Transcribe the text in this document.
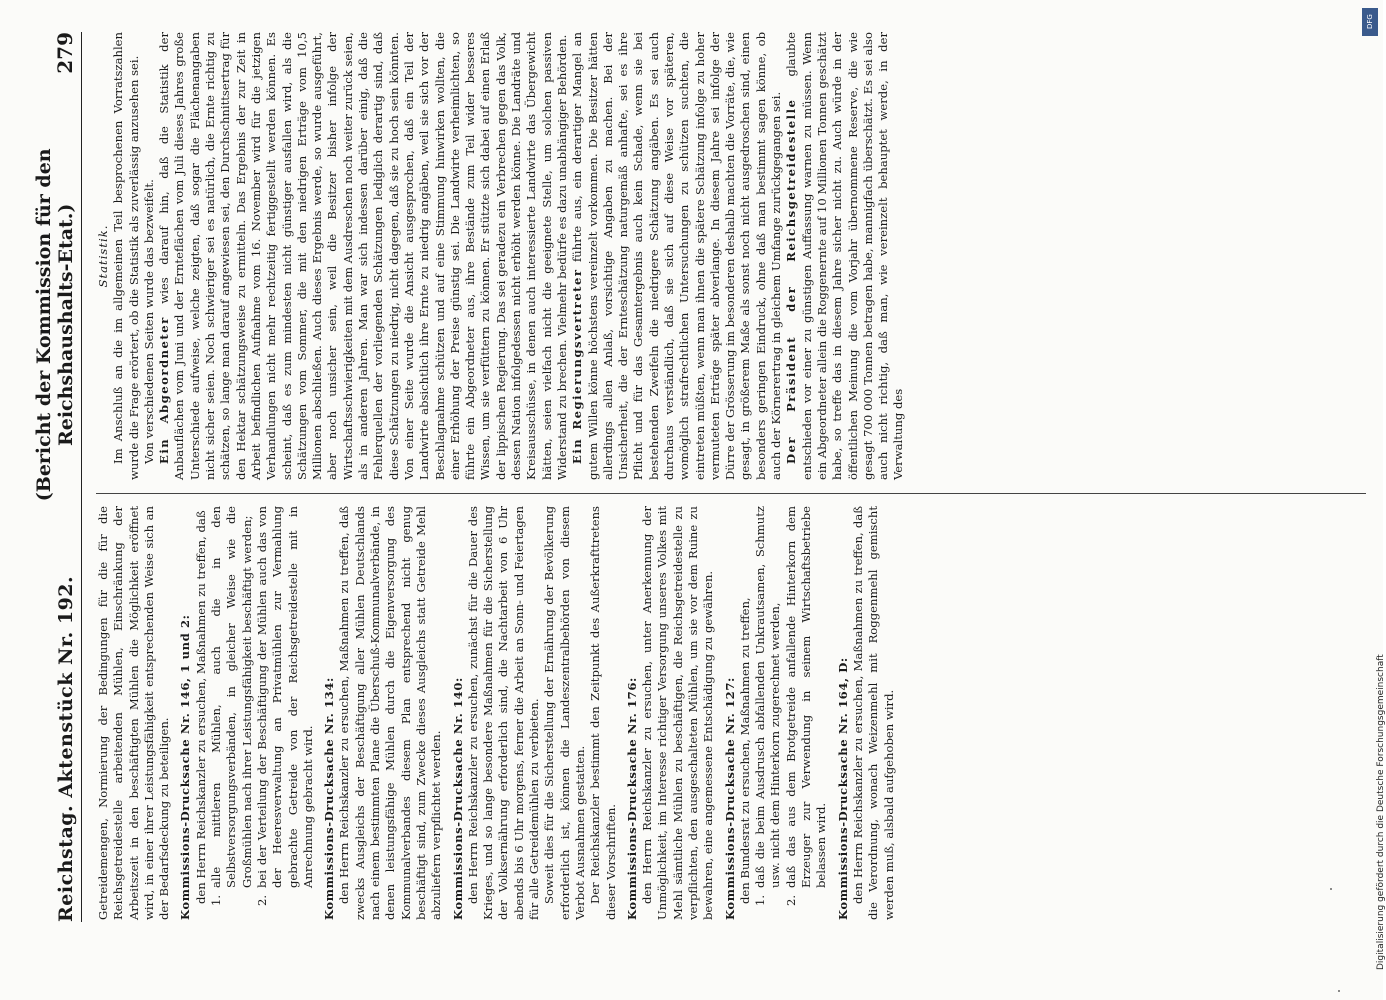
Reichstag. Aktenstück Nr. 192.
(Bericht der Kommission für den Reichshaushalts-Etat.)
279

Getreidemengen, Normierung der Bedingungen für die für die Reichsgetreidestelle arbeitenden Mühlen, Einschränkung der Arbeitszeit in den beschäftigten Mühlen die Möglichkeit eröffnet wird, in einer ihrer Leistungsfähigkeit entsprechenden Weise sich an der Bedarfsdeckung zu beteiligen. Kommissions-Drucksache Nr. 146, 1 und 2: den Herrn Reichskanzler zu ersuchen, Maßnahmen zu treffen, daß 1.
alle mittleren Mühlen, auch die in den Selbstversorgungsverbänden, in gleicher Weise wie die Großmühlen nach ihrer Leistungsfähigkeit beschäftigt werden;
2.
bei der Verteilung der Beschäftigung der Mühlen auch das von der Heeresverwaltung an Privatmühlen zur Vermahlung gebrachte Getreide von der Reichsgetreidestelle mit in Anrechnung gebracht wird. Kommissions-Drucksache Nr. 134: den Herrn Reichskanzler zu ersuchen, Maßnahmen zu treffen, daß zwecks Ausgleichs der Beschäftigung aller Mühlen Deutschlands nach einem bestimmten Plane die Überschuß-Kommunalverbände, in denen leistungsfähige Mühlen durch die Eigenversorgung des Kommunalverbandes diesem Plan entsprechend nicht genug beschäftigt sind, zum Zwecke dieses Ausgleichs statt Getreide Mehl abzuliefern verpflichtet werden. Kommissions-Drucksache Nr. 140: den Herrn Reichskanzler zu ersuchen, zunächst für die Dauer des Krieges, und so lange besondere Maßnahmen für die Sicherstellung der Volksernährung erforderlich sind, die Nachtarbeit von 6 Uhr abends bis 6 Uhr morgens, ferner die Arbeit an Sonn- und Feiertagen für alle Getreidemühlen zu verbieten. Soweit dies für die Sicherstellung der Ernährung der Bevölkerung erforderlich ist, können die Landeszentralbehörden von diesem Verbot Ausnahmen gestatten. Der Reichskanzler bestimmt den Zeitpunkt des Außerkrafttretens dieser Vorschriften. Kommissions-Drucksache Nr. 176: den Herrn Reichskanzler zu ersuchen, unter Anerkennung der Unmöglichkeit, im Interesse richtiger Versorgung unseres Volkes mit Mehl sämtliche Mühlen zu beschäftigen, die Reichsgetreidestelle zu verpflichten, den ausgeschalteten Mühlen, um sie vor dem Ruine zu bewahren, eine angemessene Entschädigung zu gewähren. Kommissions-Drucksache Nr. 127: den Bundesrat zu ersuchen, Maßnahmen zu treffen, 1.
daß die beim Ausdrusch abfallenden Unkrautsamen, Schmutz usw. nicht dem Hinterkorn zugerechnet werden,
2.
daß das aus dem Brotgetreide anfallende Hinterkorn dem Erzeuger zur Verwendung in seinem Wirtschaftsbetriebe belassen wird. Kommissions-Drucksache Nr. 164, D: den Herrn Reichskanzler zu ersuchen, Maßnahmen zu treffen, daß die Verordnung, wonach Weizenmehl mit Roggenmehl gemischt werden muß, alsbald aufgehoben wird.

Statistik. Im Anschluß an die im allgemeinen Teil besprochenen Vorratszahlen wurde die Frage erörtert, ob die Statistik als zuverlässig anzusehen sei. Von verschiedenen Seiten wurde das bezweifelt. Ein Abgeordneter wies darauf hin, daß die Statistik der Anbauflächen vom Juni und der Ernteflächen vom Juli dieses Jahres große Unterschiede aufweise, welche zeigten, daß sogar die Flächenangaben nicht sicher seien. Noch schwieriger sei es natürlich, die Ernte richtig zu schätzen, so lange man darauf angewiesen sei, den Durchschnittsertrag für den Hektar schätzungsweise zu ermitteln. Das Ergebnis der zur Zeit in Arbeit befindlichen Aufnahme vom 16. November wird für die jetzigen Verhandlungen nicht mehr rechtzeitig fertiggestellt werden können. Es scheint, daß es zum mindesten nicht günstiger ausfallen wird, als die Schätzungen vom Sommer, die mit den niedrigen Erträge vom 10,5 Millionen abschließen. Auch dieses Ergebnis werde, so wurde ausgeführt, aber noch unsicher sein, weil die Besitzer bisher infolge der Wirtschaftsschwierigkeiten mit dem Ausdreschen noch weiter zurück seien, als in anderen Jahren. Man war sich indessen darüber einig, daß die Fehlerquellen der vorliegenden Schätzungen lediglich derartig sind, daß diese Schätzungen zu niedrig, nicht dagegen, daß sie zu hoch sein könnten. Von einer Seite wurde die Ansicht ausgesprochen, daß ein Teil der Landwirte absichtlich ihre Ernte zu niedrig angäben, weil sie sich vor der Beschlagnahme schützen und auf eine Stimmung hinwirken wollten, die einer Erhöhung der Preise günstig sei. Die Landwirte verheimlichten, so führte ein Abgeordneter aus, ihre Bestände zum Teil wider besseres Wissen, um sie verfüttern zu können. Er stützte sich dabei auf einen Erlaß der lippischen Regierung. Das sei geradezu ein Verbrechen gegen das Volk, dessen Nation infolgedessen nicht erhöht werden könne. Die Landräte und Kreisausschüsse, in denen auch interessierte Landwirte das Übergewicht hätten, seien vielfach nicht die geeignete Stelle, um solchen passiven Widerstand zu brechen. Vielmehr bedürfe es dazu unabhängiger Behörden. Ein Regierungsvertreter führte aus, ein derartiger Mangel an gutem Willen könne höchstens vereinzelt vorkommen. Die Besitzer hätten allerdings allen Anlaß, vorsichtige Angaben zu machen. Bei der Unsicherheit, die der Ernteschätzung naturgemäß anhafte, sei es ihre Pflicht und für das Gesamtergebnis auch kein Schade, wenn sie bei bestehenden Zweifeln die niedrigere Schätzung angäben. Es sei auch durchaus verständlich, daß sie sich auf diese Weise vor späteren, womöglich strafrechtlichen Untersuchungen zu schützen suchten, die eintreten müßten, wenn man ihnen die spätere Schätzung infolge zu hoher vermuteten Erträge später abverlange. In diesem Jahre sei infolge der Dürre der Grösserung im besonderen deshalb machten die Vorräte, die, wie gesagt, in größerem Maße als sonst noch nicht ausgedroschen sind, einen besonders geringen Eindruck, ohne daß man bestimmt sagen könne, ob auch der Körnerertrag in gleichem Umfange zurückgegangen sei. Der Präsident der Reichsgetreidestelle glaubte entschieden vor einer zu günstigen Auffassung warnen zu müssen. Wenn ein Abgeordneter allein die Roggenernte auf 10 Millionen Tonnen geschätzt habe, so treffe das in diesem Jahre sicher nicht zu. Auch würde in der öffentlichen Meinung die vom Vorjahr übernommene Reserve, die wie gesagt 700 000 Tonnen betragen habe, mannigfach überschätzt. Es sei also auch nicht richtig, daß man, wie vereinzelt behauptet werde, in der Verwaltung des

DFG
Digitalisierung gefördert durch die Deutsche Forschungsgemeinschaft
